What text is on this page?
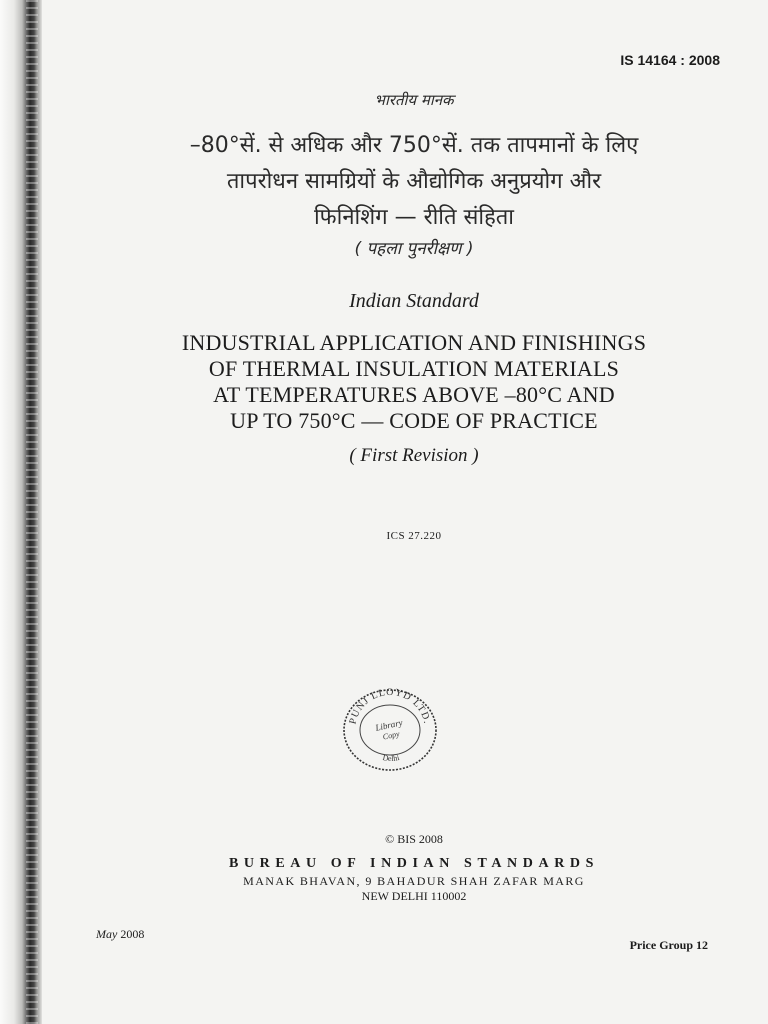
IS 14164 : 2008
भारतीय मानक
–80°सें. से अधिक और 750°सें. तक तापमानों के लिए
तापरोधन सामग्रियों के औद्योगिक अनुप्रयोग और
फिनिशिंग — रीति संहिता
( पहला पुनरीक्षण )
Indian Standard
INDUSTRIAL APPLICATION AND FINISHINGS
OF THERMAL INSULATION MATERIALS
AT TEMPERATURES ABOVE –80°C AND
UP TO 750°C — CODE OF PRACTICE
( First Revision )
ICS 27.220
PUNJ LLOYD LTD.
Library
Copy
Delhi
© BIS 2008
BUREAU OF INDIAN STANDARDS
MANAK BHAVAN, 9 BAHADUR SHAH ZAFAR MARG
NEW DELHI 110002
May 2008
Price Group 12
